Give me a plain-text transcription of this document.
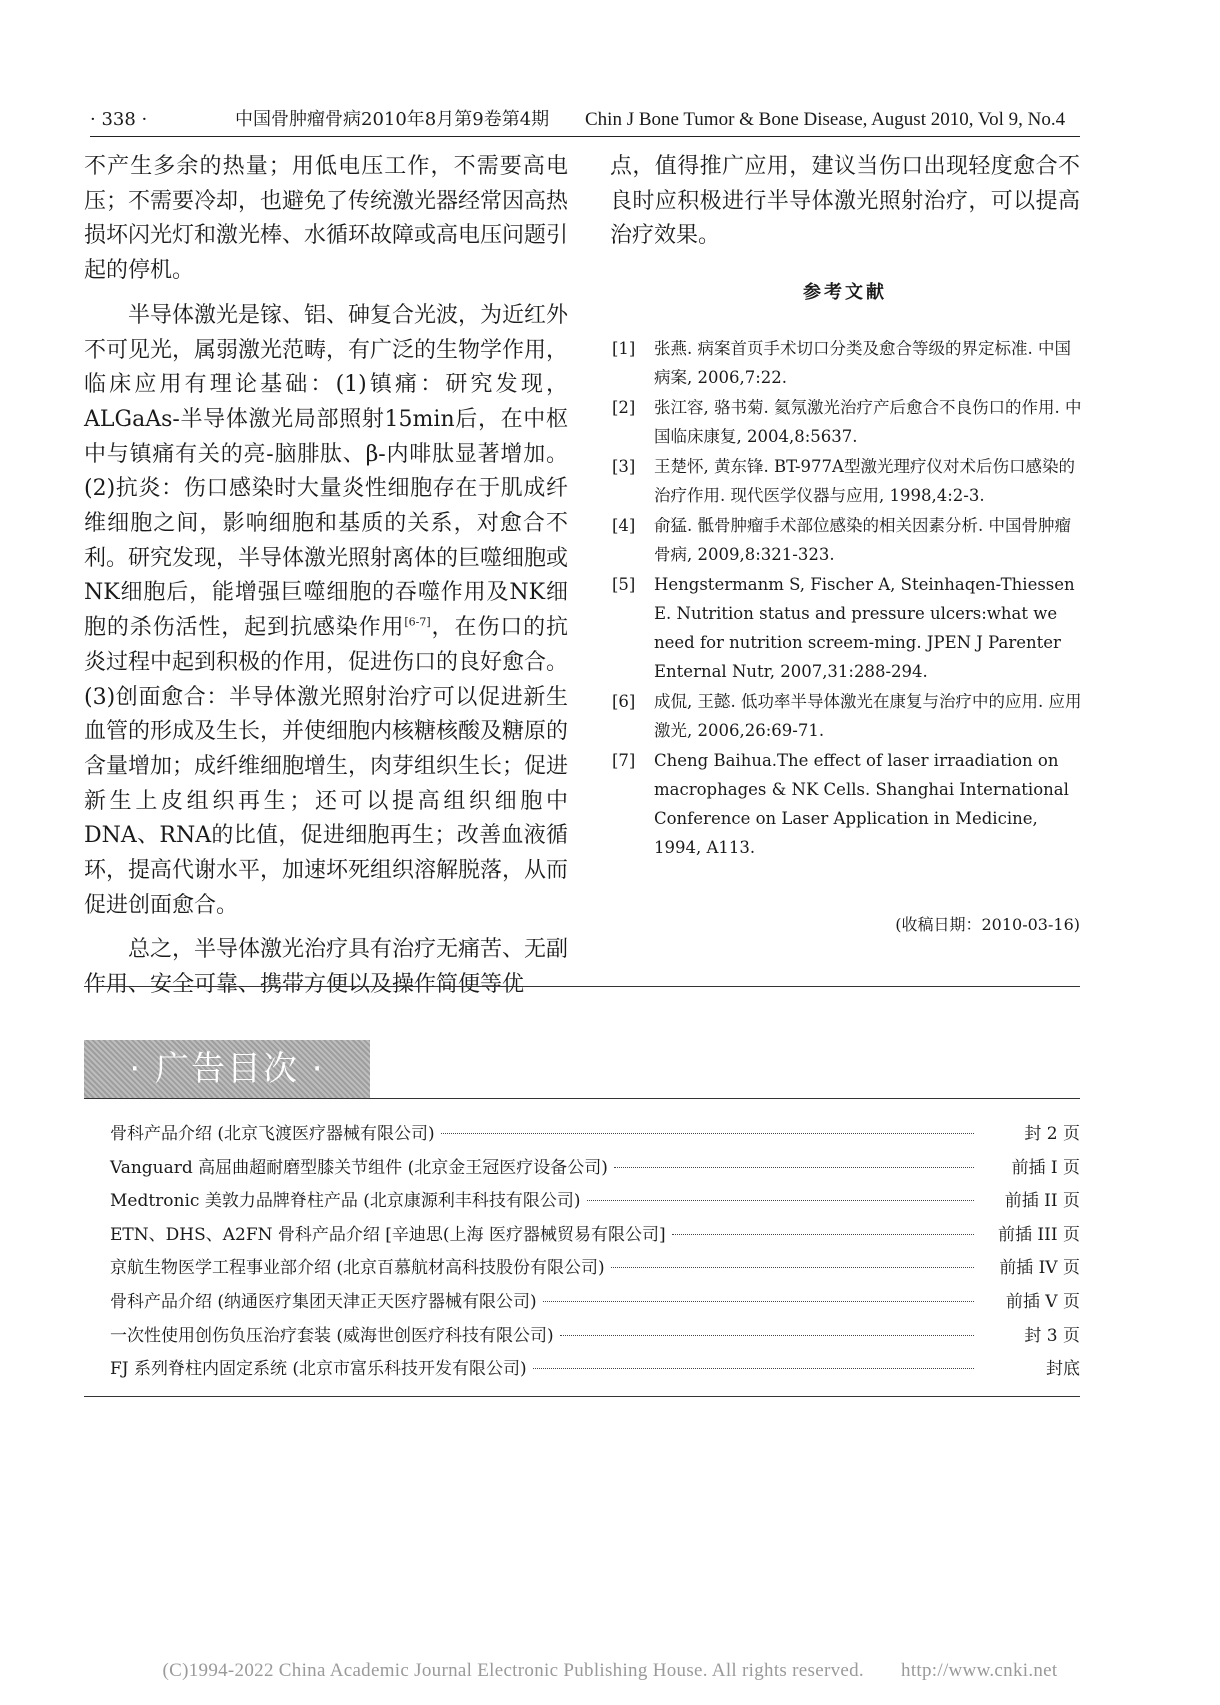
· 338 ·	中国骨肿瘤骨病2010年8月第9卷第4期 Chin J Bone Tumor & Bone Disease, August 2010, Vol 9, No.4

不产生多余的热量；用低电压工作，不需要高电压；不需要冷却，也避免了传统激光器经常因高热损坏闪光灯和激光棒、水循环故障或高电压问题引起的停机。

半导体激光是镓、铝、砷复合光波，为近红外不可见光，属弱激光范畴，有广泛的生物学作用，临床应用有理论基础：(1)镇痛：研究发现，ALGaAs-半导体激光局部照射15min后，在中枢中与镇痛有关的亮-脑腓肽、β-内啡肽显著增加。(2)抗炎：伤口感染时大量炎性细胞存在于肌成纤维细胞之间，影响细胞和基质的关系，对愈合不利。研究发现，半导体激光照射离体的巨噬细胞或NK细胞后，能增强巨噬细胞的吞噬作用及NK细胞的杀伤活性，起到抗感染作用[6-7]，在伤口的抗炎过程中起到积极的作用，促进伤口的良好愈合。(3)创面愈合：半导体激光照射治疗可以促进新生血管的形成及生长，并使细胞内核糖核酸及糖原的含量增加；成纤维细胞增生，肉芽组织生长；促进新生上皮组织再生；还可以提高组织细胞中DNA、RNA的比值，促进细胞再生；改善血液循环，提高代谢水平，加速坏死组织溶解脱落，从而促进创面愈合。

总之，半导体激光治疗具有治疗无痛苦、无副作用、安全可靠、携带方便以及操作简便等优

点，值得推广应用，建议当伤口出现轻度愈合不良时应积极进行半导体激光照射治疗，可以提高治疗效果。

参考文献
[1]	张燕. 病案首页手术切口分类及愈合等级的界定标准. 中国病案, 2006,7:22.
[2]	张江容, 骆书菊. 氦氖激光治疗产后愈合不良伤口的作用. 中国临床康复, 2004,8:5637.
[3]	王楚怀, 黄东锋. BT-977A型激光理疗仪对术后伤口感染的治疗作用. 现代医学仪器与应用, 1998,4:2-3.
[4]	俞猛. 骶骨肿瘤手术部位感染的相关因素分析. 中国骨肿瘤骨病, 2009,8:321-323.
[5]	Hengstermanm S, Fischer A, Steinhaqen-Thiessen E. Nutrition status and pressure ulcers:what we need for nutrition screem-ming. JPEN J Parenter Enternal Nutr, 2007,31:288-294.
[6]	成侃, 王懿. 低功率半导体激光在康复与治疗中的应用. 应用激光, 2006,26:69-71.
[7]	Cheng Baihua.The effect of laser irraadiation on macrophages & NK Cells. Shanghai International Conference on Laser Application in Medicine, 1994, A113.
(收稿日期：2010-03-16)
· 广告目次 ·
骨科产品介绍 (北京飞渡医疗器械有限公司)	封 2 页
Vanguard 高屈曲超耐磨型膝关节组件 (北京金王冠医疗设备公司)	前插 I 页
Medtronic 美敦力品牌脊柱产品 (北京康源利丰科技有限公司)	前插 II 页
ETN、DHS、A2FN 骨科产品介绍 [辛迪思(上海 医疗器械贸易有限公司]	前插 III 页
京航生物医学工程事业部介绍 (北京百慕航材高科技股份有限公司)	前插 IV 页
骨科产品介绍 (纳通医疗集团天津正天医疗器械有限公司)	前插 V 页
一次性使用创伤负压治疗套装 (威海世创医疗科技有限公司)	封 3 页
FJ 系列脊柱内固定系统 (北京市富乐科技开发有限公司)	封底
(C)1994-2022 China Academic Journal Electronic Publishing House. All rights reserved. http://www.cnki.net
